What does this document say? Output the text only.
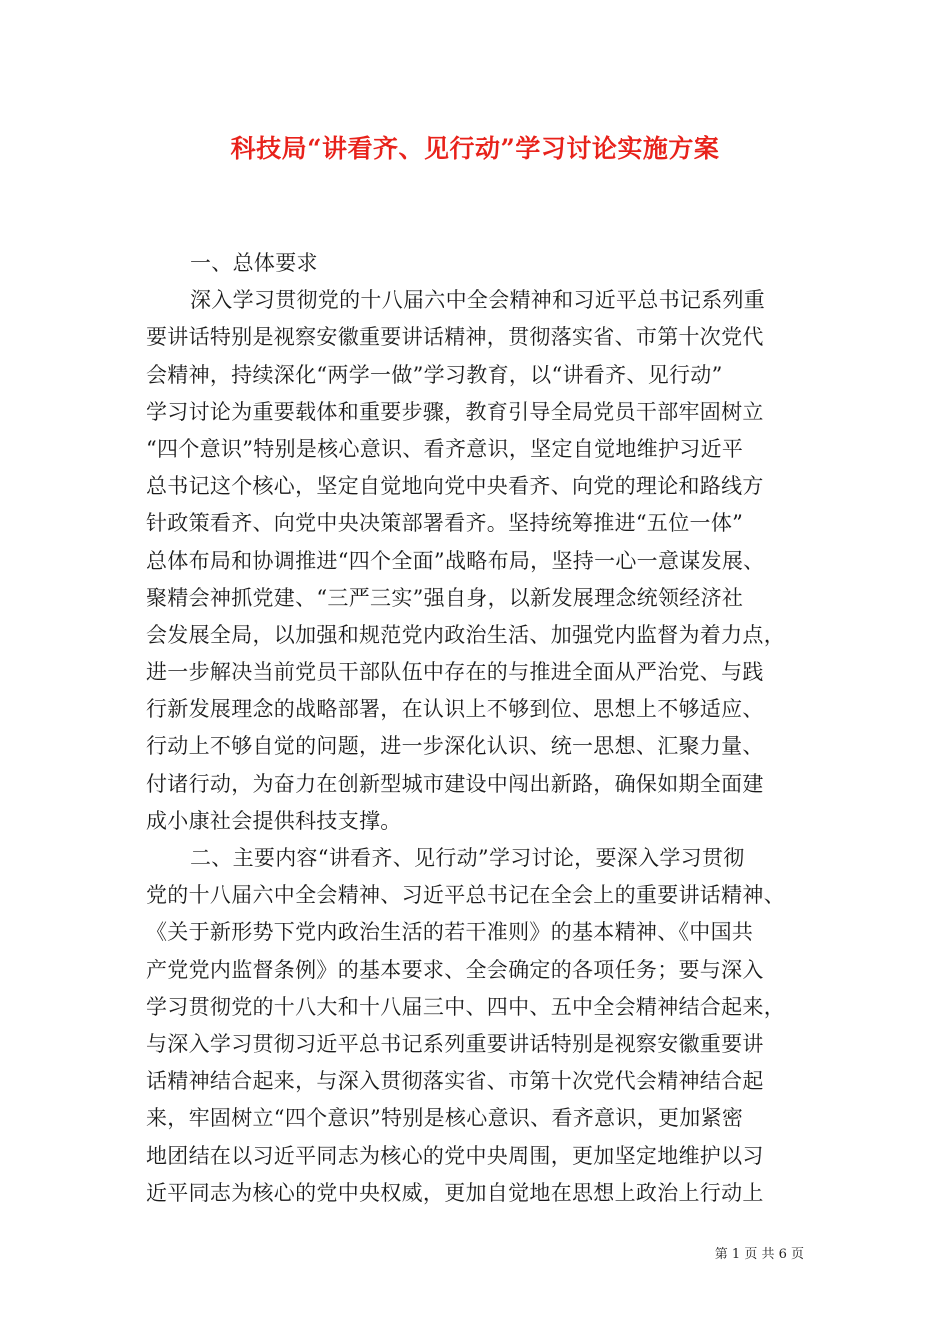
科技局“讲看齐、见行动”学习讨论实施方案
一、总体要求
深入学习贯彻党的十八届六中全会精神和习近平总书记系列重
要讲话特别是视察安徽重要讲话精神，贯彻落实省、市第十次党代
会精神，持续深化“两学一做”学习教育，以“讲看齐、见行动”
学习讨论为重要载体和重要步骤，教育引导全局党员干部牢固树立
“四个意识”特别是核心意识、看齐意识，坚定自觉地维护习近平
总书记这个核心，坚定自觉地向党中央看齐、向党的理论和路线方
针政策看齐、向党中央决策部署看齐。坚持统筹推进“五位一体”
总体布局和协调推进“四个全面”战略布局，坚持一心一意谋发展、
聚精会神抓党建、“三严三实”强自身，以新发展理念统领经济社
会发展全局，以加强和规范党内政治生活、加强党内监督为着力点，
进一步解决当前党员干部队伍中存在的与推进全面从严治党、与践
行新发展理念的战略部署，在认识上不够到位、思想上不够适应、
行动上不够自觉的问题，进一步深化认识、统一思想、汇聚力量、
付诸行动，为奋力在创新型城市建设中闯出新路，确保如期全面建
成小康社会提供科技支撑。
二、主要内容“讲看齐、见行动”学习讨论，要深入学习贯彻
党的十八届六中全会精神、习近平总书记在全会上的重要讲话精神、
《关于新形势下党内政治生活的若干准则》的基本精神、《中国共
产党党内监督条例》的基本要求、全会确定的各项任务；要与深入
学习贯彻党的十八大和十八届三中、四中、五中全会精神结合起来，
与深入学习贯彻习近平总书记系列重要讲话特别是视察安徽重要讲
话精神结合起来，与深入贯彻落实省、市第十次党代会精神结合起
来，牢固树立“四个意识”特别是核心意识、看齐意识，更加紧密
地团结在以习近平同志为核心的党中央周围，更加坚定地维护以习
近平同志为核心的党中央权威，更加自觉地在思想上政治上行动上
第 1 页 共 6 页
